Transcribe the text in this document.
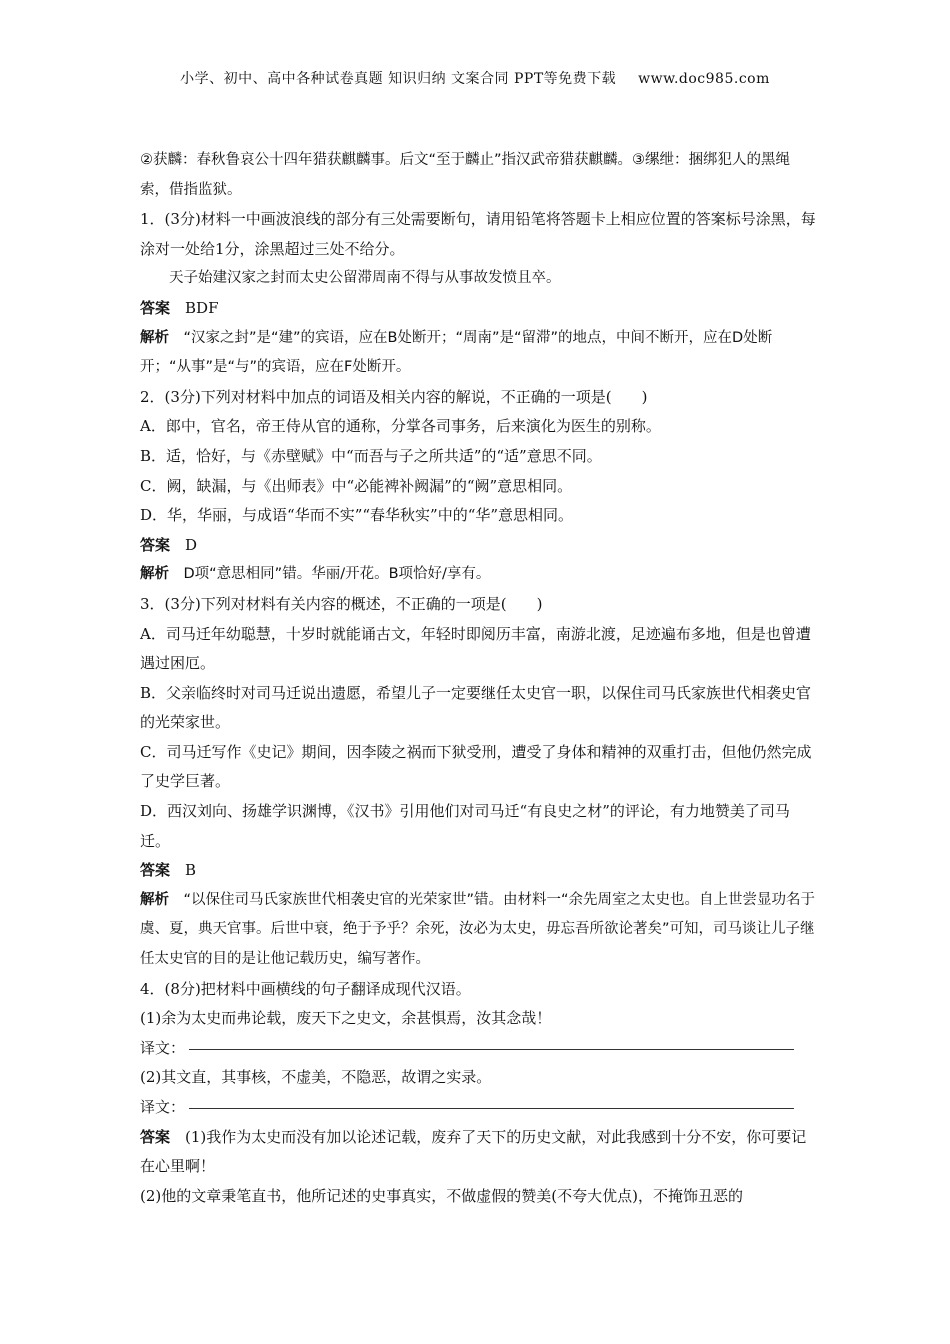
小学、初中、高中各种试卷真题 知识归纳 文案合同 PPT等免费下载 www.doc985.com

②获麟：春秋鲁哀公十四年猎获麒麟事。后文“至于麟止”指汉武帝猎获麒麟。③缧绁：捆绑犯人的黑绳索，借指监狱。

1．(3分)材料一中画波浪线的部分有三处需要断句，请用铅笔将答题卡上相应位置的答案标号涂黑，每涂对一处给1分，涂黑超过三处不给分。

天子始建汉家之封而太史公留滞周南不得与从事故发愤且卒。

答案　 BDF

解析　 “汉家之封”是“建”的宾语，应在B处断开；“周南”是“留滞”的地点，中间不断开，应在D处断开；“从事”是“与”的宾语，应在F处断开。

2．(3分)下列对材料中加点的词语及相关内容的解说，不正确的一项是(　　)

A．郎中，官名，帝王侍从官的通称，分掌各司事务，后来演化为医生的别称。

B．适，恰好，与《赤壁赋》中“而吾与子之所共适”的“适”意思不同。

C．阙，缺漏，与《出师表》中“必能裨补阙漏”的“阙”意思相同。

D．华，华丽，与成语“华而不实”“春华秋实”中的“华”意思相同。

答案　 D

解析　 D项“意思相同”错。华丽/开花。B项恰好/享有。

3．(3分)下列对材料有关内容的概述，不正确的一项是(　　)

A．司马迁年幼聪慧，十岁时就能诵古文，年轻时即阅历丰富，南游北渡，足迹遍布多地，但是也曾遭遇过困厄。

B．父亲临终时对司马迁说出遗愿，希望儿子一定要继任太史官一职，以保住司马氏家族世代相袭史官的光荣家世。

C．司马迁写作《史记》期间，因李陵之祸而下狱受刑，遭受了身体和精神的双重打击，但他仍然完成了史学巨著。

D．西汉刘向、扬雄学识渊博，《汉书》引用他们对司马迁“有良史之材”的评论，有力地赞美了司马迁。

答案　 B

解析　 “以保住司马氏家族世代相袭史官的光荣家世”错。由材料一“余先周室之太史也。自上世尝显功名于虞、夏，典天官事。后世中衰，绝于予乎？余死，汝必为太史，毋忘吾所欲论著矣”可知，司马谈让儿子继任太史官的目的是让他记载历史，编写著作。

4．(8分)把材料中画横线的句子翻译成现代汉语。

(1)余为太史而弗论载，废天下之史文，余甚惧焉，汝其念哉！

译文：

(2)其文直，其事核，不虚美，不隐恶，故谓之实录。

译文：

答案　 (1)我作为太史而没有加以论述记载，废弃了天下的历史文献，对此我感到十分不安，你可要记在心里啊！

(2)他的文章秉笔直书，他所记述的史事真实，不做虚假的赞美(不夸大优点)，不掩饰丑恶的
